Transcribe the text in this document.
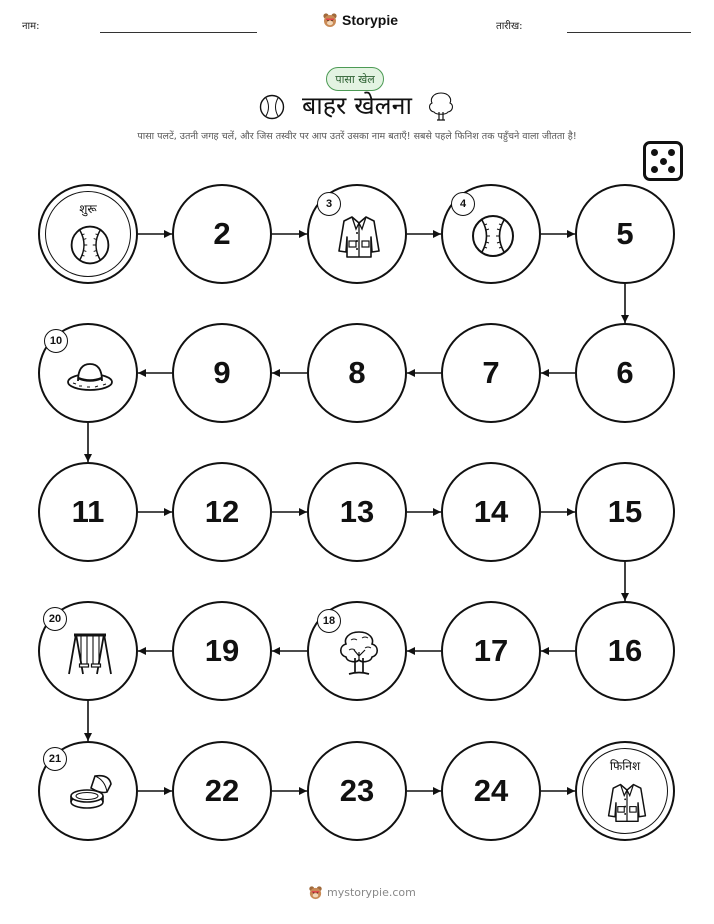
नाम:	Storypie	तारीख:
पासा खेल
बाहर खेलना
पासा पलटें, उतनी जगह चलें, और जिस तस्वीर पर आप उतरें उसका नाम बताएँ! सबसे पहले फिनिश तक पहुँचने वाला जीतता है!
शुरू
2
3	4
5
6
7
8
9
10
11	12	13	14	15
16
17
18
19
20
21
22	23	24
फिनिश
mystorypie.com
